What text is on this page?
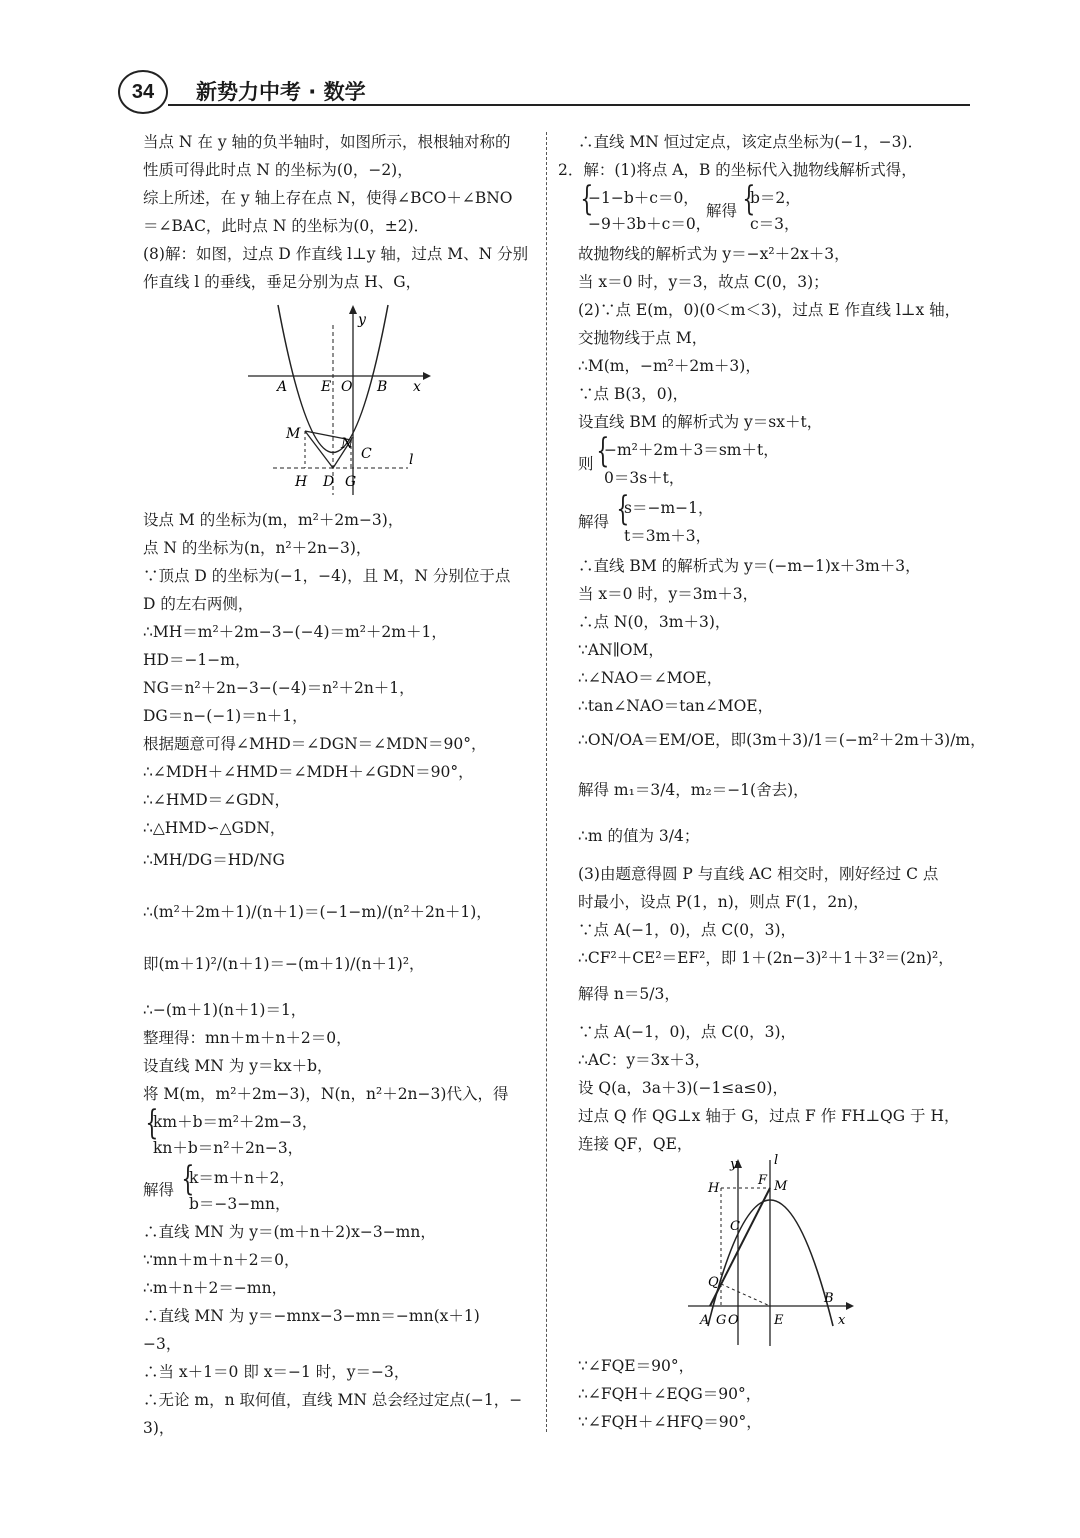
34 新势力中考 · 数学
当点 N 在 y 轴的负半轴时，如图所示，根根轴对称的
性质可得此时点 N 的坐标为(0，−2)，
综上所述，在 y 轴上存在点 N，使得∠BCO＋∠BNO
＝∠BAC，此时点 N 的坐标为(0，±2)．
(8)解：如图，过点 D 作直线 l⊥y 轴，过点 M、N 分别
作直线 l 的垂线，垂足分别为点 H、G，
y
A E O B x
M
N
C	l
H D G
设点 M 的坐标为(m，m²＋2m−3)，
点 N 的坐标为(n，n²＋2n−3)，
∵顶点 D 的坐标为(−1，−4)，且 M，N 分别位于点
D 的左右两侧，
∴MH＝m²＋2m−3−(−4)＝m²＋2m＋1，
HD＝−1−m，
NG＝n²＋2n−3−(−4)＝n²＋2n＋1，
DG＝n−(−1)＝n＋1，
根据题意可得∠MHD＝∠DGN＝∠MDN＝90°，
∴∠MDH＋∠HMD＝∠MDH＋∠GDN＝90°，
∴∠HMD＝∠GDN，
∴△HMD∽△GDN，
∴MH/DG＝HD/NG
∴(m²＋2m＋1)/(n＋1)＝(−1−m)/(n²＋2n＋1)，
即(m＋1)²/(n＋1)＝−(m＋1)/(n＋1)²，
∴−(m＋1)(n＋1)＝1，
整理得：mn＋m＋n＋2＝0，
设直线 MN 为 y＝kx＋b，
将 M(m，m²＋2m−3)，N(n，n²＋2n−3)代入，得
{
km＋b＝m²＋2m−3，
kn＋b＝n²＋2n−3，
解得 {
k＝m＋n＋2，
b＝−3−mn，
∴直线 MN 为 y＝(m＋n＋2)x−3−mn，
∵mn＋m＋n＋2＝0，
∴m＋n＋2＝−mn，
∴直线 MN 为 y＝−mnx−3−mn＝−mn(x＋1)
−3，
∴当 x＋1＝0 即 x＝−1 时，y＝−3，
∴无论 m，n 取何值，直线 MN 总会经过定点(−1，−
3)，
∴直线 MN 恒过定点，该定点坐标为(−1，−3)．
2．解：(1)将点 A，B 的坐标代入抛物线解析式得，
{
−1−b＋c＝0，
−9＋3b＋c＝0，
解得 {
b＝2，
c＝3，
故抛物线的解析式为 y＝−x²＋2x＋3，
当 x＝0 时，y＝3，故点 C(0，3)；
(2)∵点 E(m，0)(0＜m＜3)，过点 E 作直线 l⊥x 轴，
交抛物线于点 M，
∴M(m，−m²＋2m＋3)，
∵点 B(3，0)，
设直线 BM 的解析式为 y＝sx＋t，
则 {
−m²＋2m＋3＝sm＋t，
0＝3s＋t，
解得 {
s＝−m−1，
t＝3m＋3，
∴直线 BM 的解析式为 y＝(−m−1)x＋3m＋3，
当 x＝0 时，y＝3m＋3，
∴点 N(0，3m＋3)，
∵AN∥OM，
∴∠NAO＝∠MOE，
∴tan∠NAO＝tan∠MOE，
∴ON/OA＝EM/OE，即(3m＋3)/1＝(−m²＋2m＋3)/m，
解得 m₁＝3/4，m₂＝−1(舍去)，
∴m 的值为 3/4；
(3)由题意得圆 P 与直线 AC 相交时，刚好经过 C 点
时最小，设点 P(1，n)，则点 F(1，2n)，
∵点 A(−1，0)，点 C(0，3)，
∴CF²＋CE²＝EF²，即 1＋(2n−3)²＋1＋3²＝(2n)²，
解得 n＝5/3，
∵点 A(−1，0)，点 C(0，3)，
∴AC：y＝3x＋3，
设 Q(a，3a＋3)(−1≤a≤0)，
过点 Q 作 QG⊥x 轴于 G，过点 F 作 FH⊥QG 于 H，
连接 QF，QE，
y	l
H
F M
C
Q
A G O	E
B
x
∵∠FQE＝90°，
∴∠FQH＋∠EQG＝90°，
∵∠FQH＋∠HFQ＝90°，
